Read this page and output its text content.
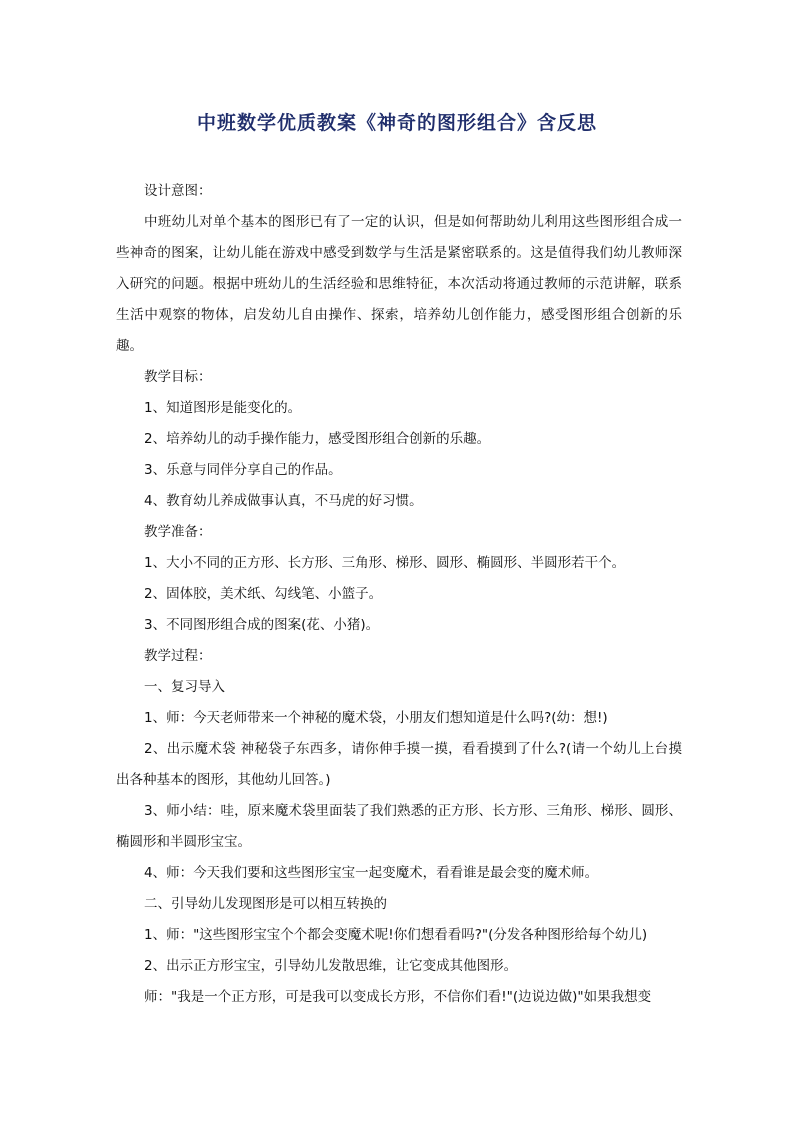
中班数学优质教案《神奇的图形组合》含反思

设计意图：

中班幼儿对单个基本的图形已有了一定的认识，但是如何帮助幼儿利用这些图形组合成一些神奇的图案，让幼儿能在游戏中感受到数学与生活是紧密联系的。这是值得我们幼儿教师深入研究的问题。根据中班幼儿的生活经验和思维特征，本次活动将通过教师的示范讲解，联系生活中观察的物体，启发幼儿自由操作、探索，培养幼儿创作能力，感受图形组合创新的乐趣。

教学目标：

1、知道图形是能变化的。

2、培养幼儿的动手操作能力，感受图形组合创新的乐趣。

3、乐意与同伴分享自己的作品。

4、教育幼儿养成做事认真，不马虎的好习惯。

教学准备：

1、大小不同的正方形、长方形、三角形、梯形、圆形、椭圆形、半圆形若干个。

2、固体胶，美术纸、勾线笔、小篮子。

3、不同图形组合成的图案(花、小猪)。

教学过程：

一、复习导入

1、师：今天老师带来一个神秘的魔术袋，小朋友们想知道是什么吗?(幼：想!)

2、出示魔术袋 神秘袋子东西多，请你伸手摸一摸，看看摸到了什么?(请一个幼儿上台摸出各种基本的图形，其他幼儿回答。)

3、师小结：哇，原来魔术袋里面装了我们熟悉的正方形、长方形、三角形、梯形、圆形、椭圆形和半圆形宝宝。

4、师：今天我们要和这些图形宝宝一起变魔术，看看谁是最会变的魔术师。

二、引导幼儿发现图形是可以相互转换的

1、师："这些图形宝宝个个都会变魔术呢!你们想看看吗?"(分发各种图形给每个幼儿)

2、出示正方形宝宝，引导幼儿发散思维，让它变成其他图形。

师："我是一个正方形，可是我可以变成长方形，不信你们看!"(边说边做)"如果我想变
